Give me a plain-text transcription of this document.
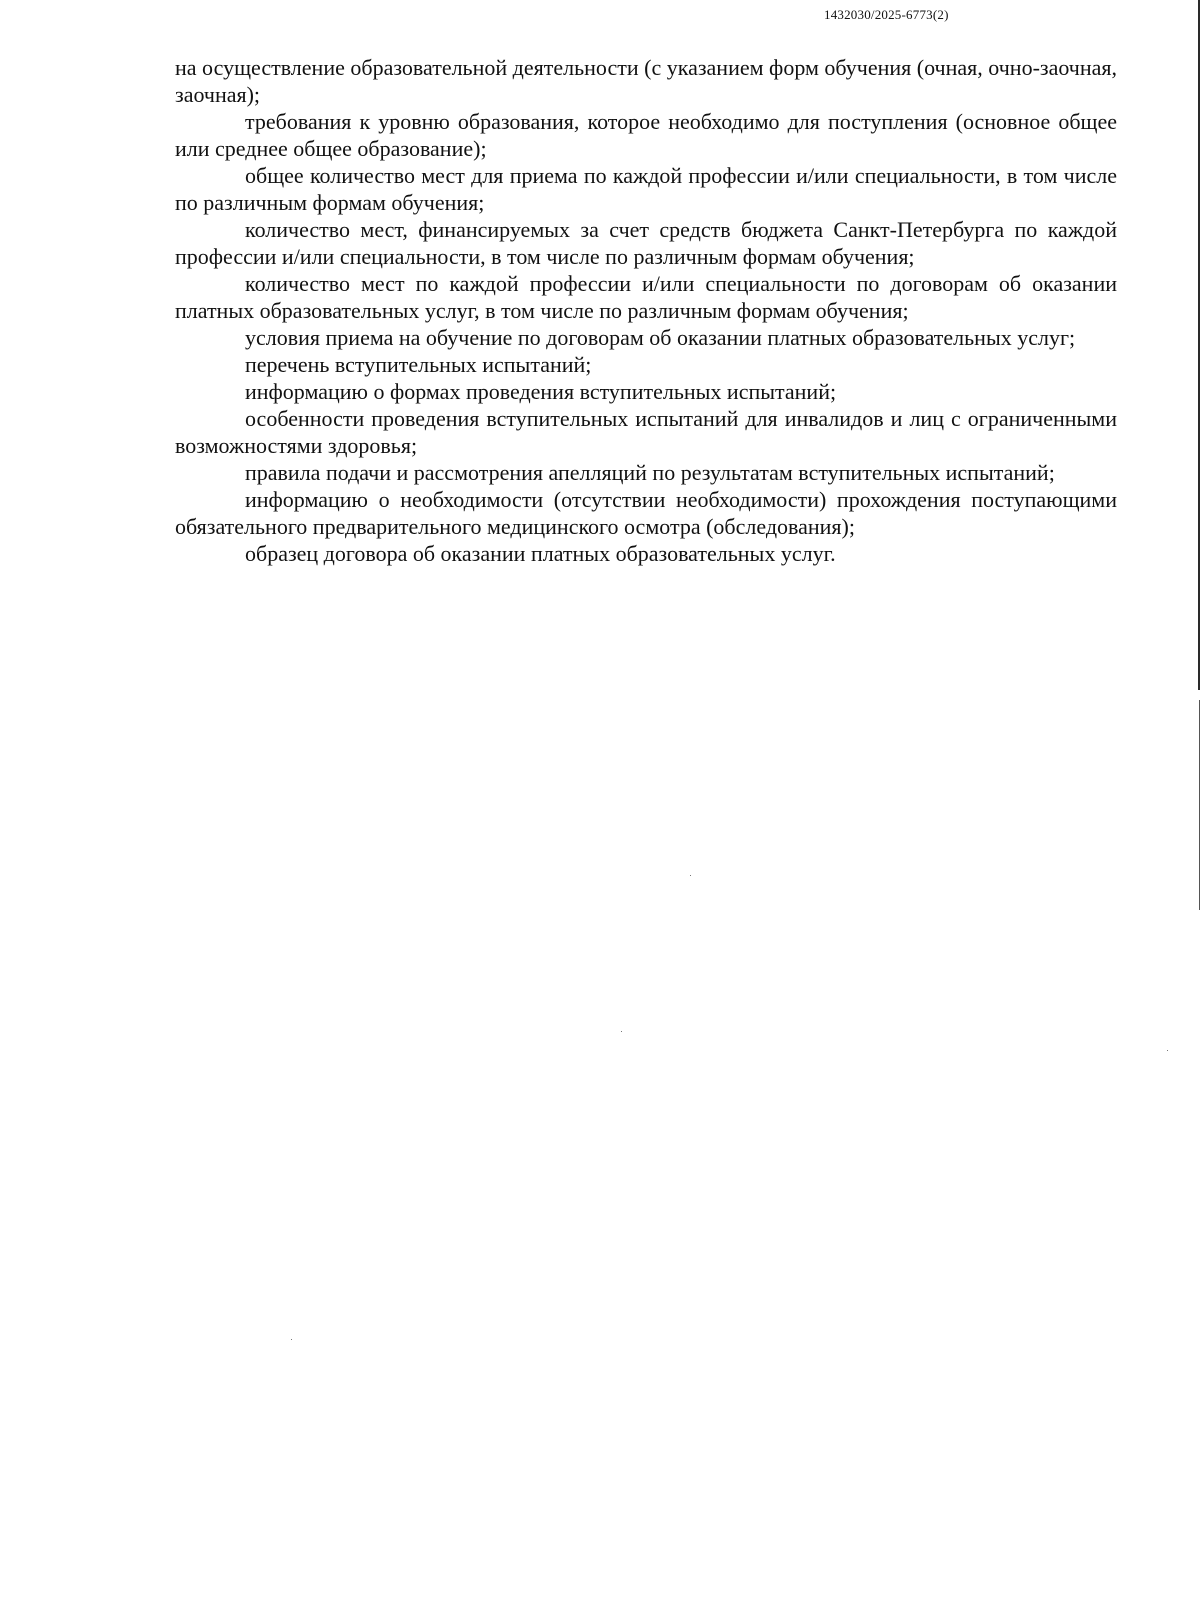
1432030/2025-6773(2)

на осуществление образовательной деятельности (с указанием форм обучения (очная, очно-заочная, заочная);

требования к уровню образования, которое необходимо для поступления (основное общее или среднее общее образование);

общее количество мест для приема по каждой профессии и/или специальности, в том числе по различным формам обучения;

количество мест, финансируемых за счет средств бюджета Санкт-Петербурга по каждой профессии и/или специальности, в том числе по различным формам обучения;

количество мест по каждой профессии и/или специальности по договорам об оказании платных образовательных услуг, в том числе по различным формам обучения;

условия приема на обучение по договорам об оказании платных образовательных услуг;

перечень вступительных испытаний;

информацию о формах проведения вступительных испытаний;

особенности проведения вступительных испытаний для инвалидов и лиц с ограниченными возможностями здоровья;

правила подачи и рассмотрения апелляций по результатам вступительных испытаний;

информацию о необходимости (отсутствии необходимости) прохождения поступающими обязательного предварительного медицинского осмотра (обследования);

образец договора об оказании платных образовательных услуг.
